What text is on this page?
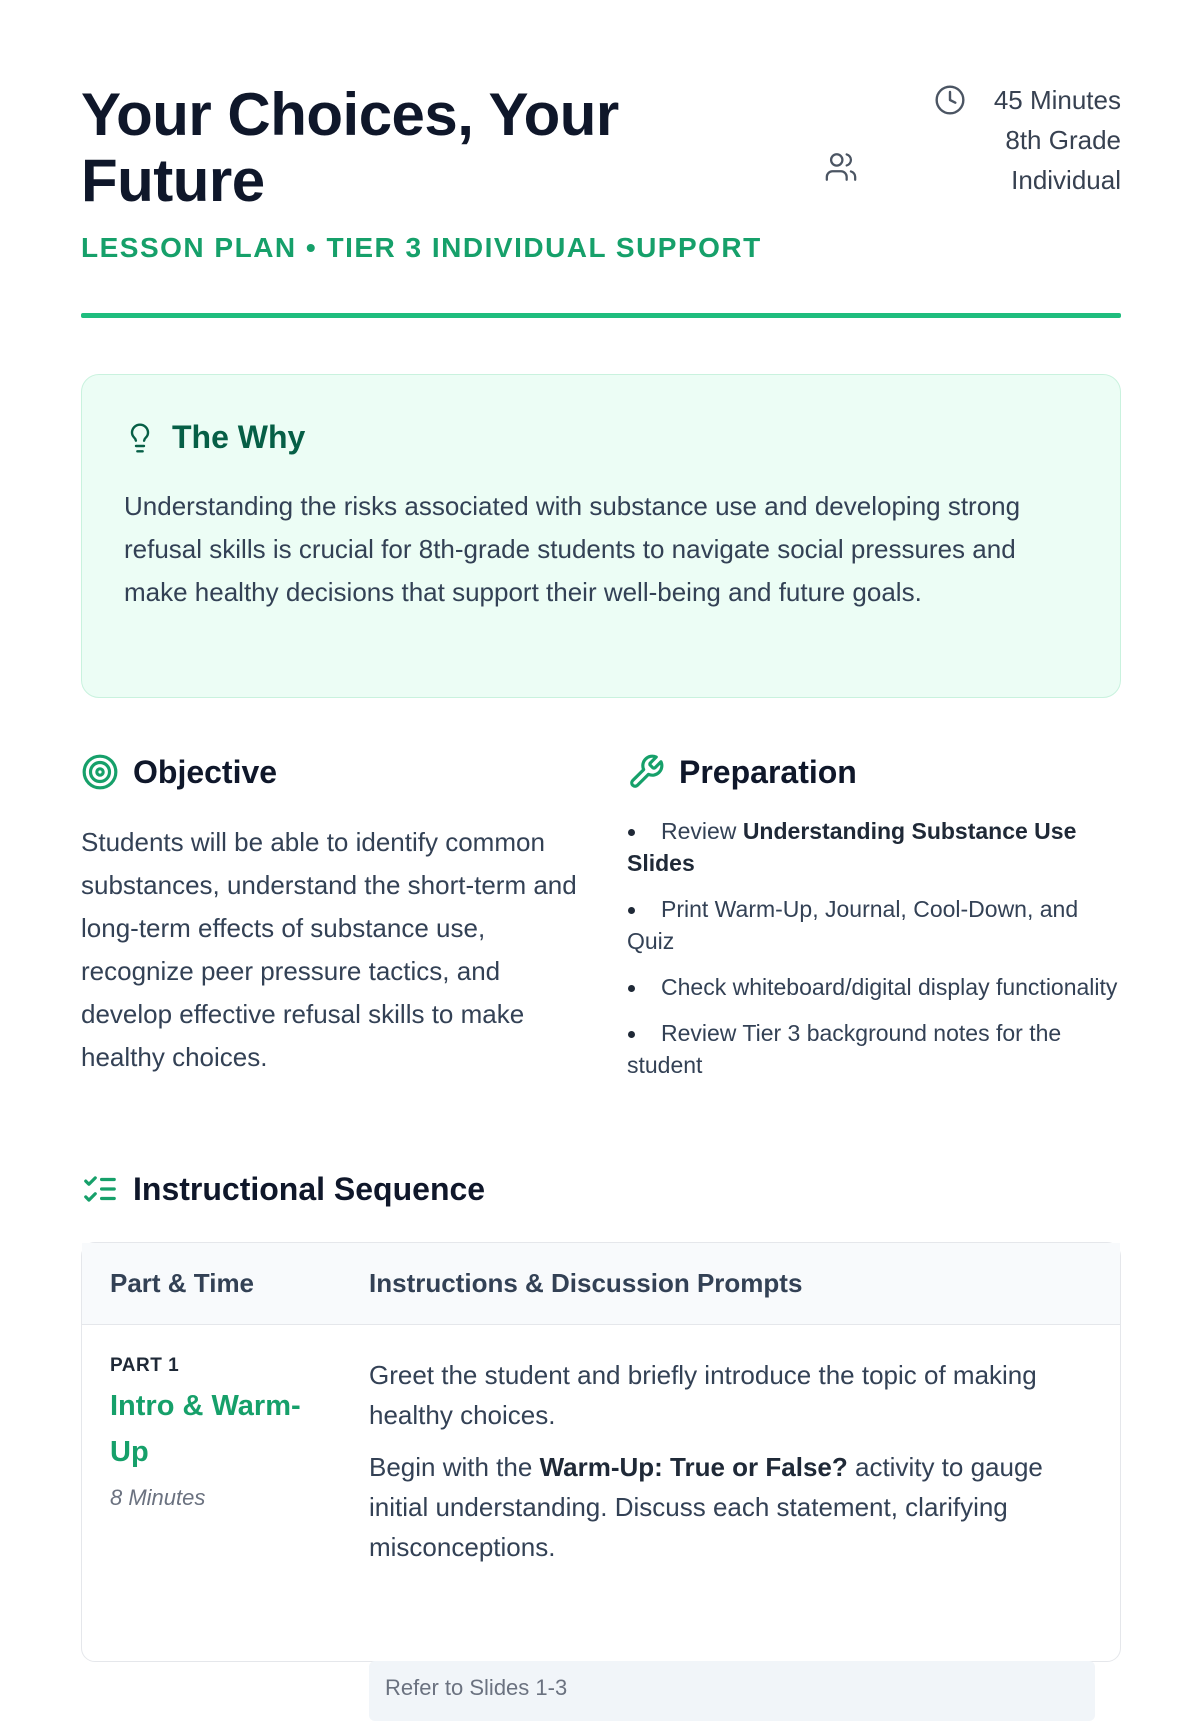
Your Choices, Your Future
LESSON PLAN • TIER 3 INDIVIDUAL SUPPORT
45 Minutes
8th Grade
Individual
The Why

Understanding the risks associated with substance use and developing strong refusal skills is crucial for 8th-grade students to navigate social pressures and make healthy decisions that support their well-being and future goals.

Objective

Students will be able to identify common substances, understand the short-term and long-term effects of substance use, recognize peer pressure tactics, and develop effective refusal skills to make healthy choices.

Preparation
Review Understanding Substance Use Slides
Print Warm-Up, Journal, Cool-Down, and Quiz
Check whiteboard/digital display functionality
Review Tier 3 background notes for the student
Instructional Sequence
Part & Time	Instructions & Discussion Prompts
PART 1
Intro & Warm-Up
8 Minutes

Greet the student and briefly introduce the topic of making healthy choices.

Begin with the Warm-Up: True or False? activity to gauge initial understanding. Discuss each statement, clarifying misconceptions.

Refer to Slides 1-3
